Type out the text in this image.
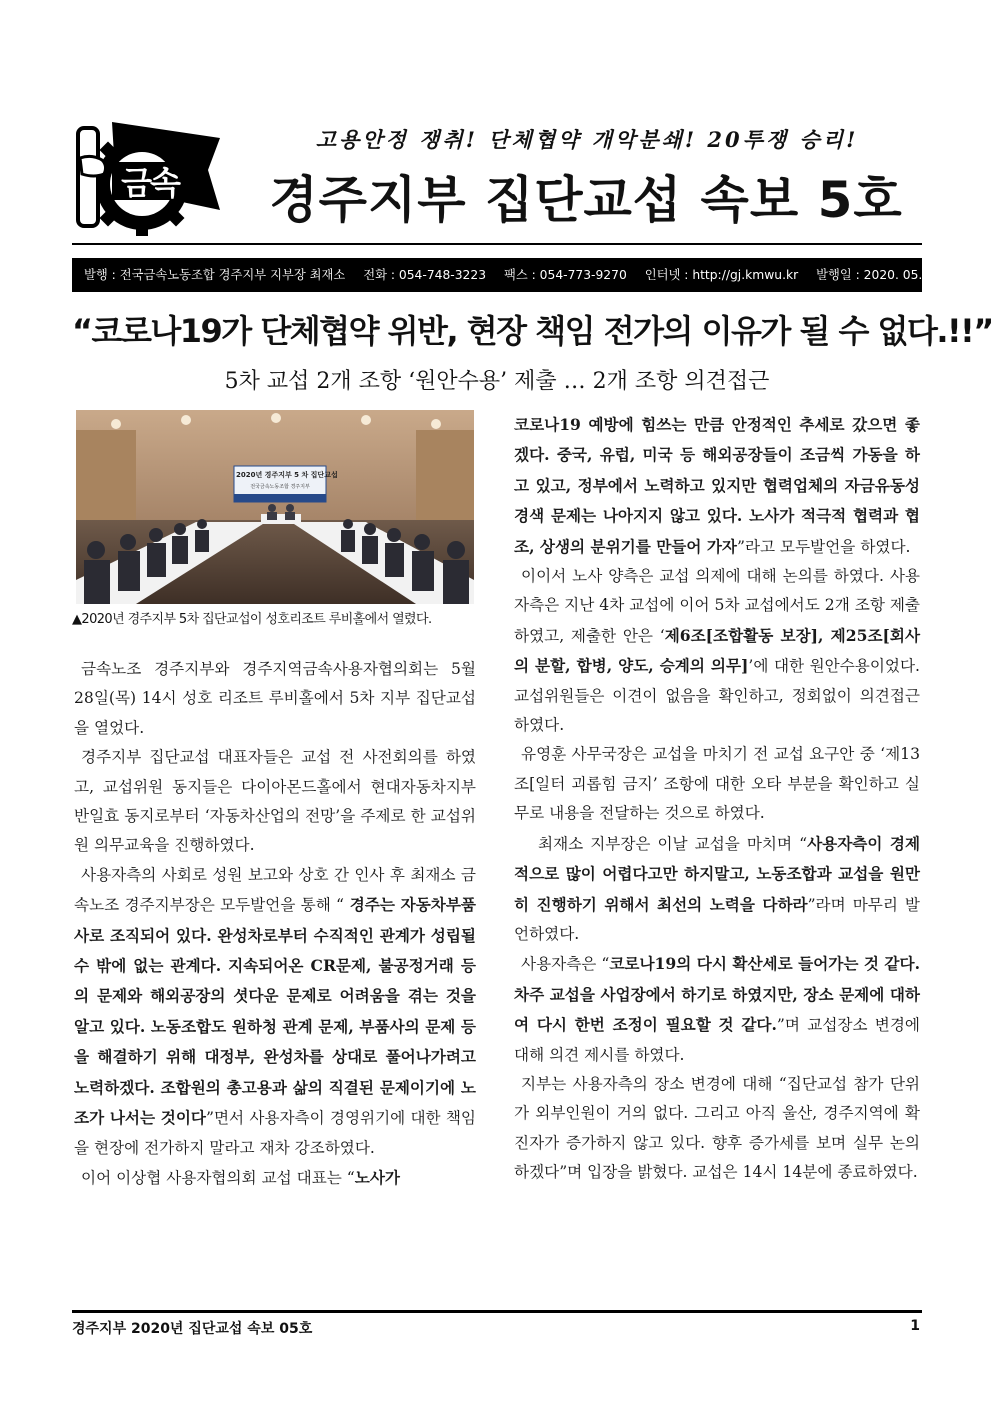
금속
고용안정 쟁취! 단체협약 개악분쇄! 20투쟁 승리!
경주지부 집단교섭 속보 5호
발행 : 전국금속노동조합 경주지부 지부장 최재소 전화 : 054-748-3223 팩스 : 054-773-9270 인터넷 : http://gj.kmwu.kr 발행일 : 2020. 05. 28 (목)
“코로나19가 단체협약 위반, 현장 책임 전가의 이유가 될 수 없다.!!”
5차 교섭 2개 조항 ‘원안수용’ 제출 … 2개 조항 의견접근
2020년 경주지부 5 차 집단교섭
전국금속노동조합 경주지부
▲2020년 경주지부 5차 집단교섭이 성호리조트 루비홀에서 열렸다.

금속노조 경주지부와 경주지역금속사용자협의회는 5월 28일(목) 14시 성호 리조트 루비홀에서 5차 지부 집단교섭을 열었다.

경주지부 집단교섭 대표자들은 교섭 전 사전회의를 하였고, 교섭위원 동지들은 다이아몬드홀에서 현대자동차지부 반일효 동지로부터 ‘자동차산업의 전망’을 주제로 한 교섭위원 의무교육을 진행하였다.

사용자측의 사회로 성원 보고와 상호 간 인사 후 최재소 금속노조 경주지부장은 모두발언을 통해 “ 경주는 자동차부품사로 조직되어 있다. 완성차로부터 수직적인 관계가 성립될 수 밖에 없는 관계다. 지속되어온 CR문제, 불공정거래 등의 문제와 해외공장의 셧다운 문제로 어려움을 겪는 것을 알고 있다. 노동조합도 원하청 관계 문제, 부품사의 문제 등을 해결하기 위해 대정부, 완성차를 상대로 풀어나가려고 노력하겠다. 조합원의 총고용과 삶의 직결된 문제이기에 노조가 나서는 것이다”면서 사용자측이 경영위기에 대한 책임을 현장에 전가하지 말라고 재차 강조하였다.

이어 이상협 사용자협의회 교섭 대표는 “노사가

코로나19 예방에 힘쓰는 만큼 안정적인 추세로 갔으면 좋겠다. 중국, 유럽, 미국 등 해외공장들이 조금씩 가동을 하고 있고, 정부에서 노력하고 있지만 협력업체의 자금유동성 경색 문제는 나아지지 않고 있다. 노사가 적극적 협력과 협조, 상생의 분위기를 만들어 가자”라고 모두발언을 하였다.

이이서 노사 양측은 교섭 의제에 대해 논의를 하였다. 사용자측은 지난 4차 교섭에 이어 5차 교섭에서도 2개 조항 제출하였고, 제출한 안은 ‘제6조[조합활동 보장], 제25조[회사의 분할, 합병, 양도, 승계의 의무]’에 대한 원안수용이었다. 교섭위원들은 이견이 없음을 확인하고, 정회없이 의견접근하였다.

유영훈 사무국장은 교섭을 마치기 전 교섭 요구안 중 ‘제13조[일터 괴롭힘 금지’ 조항에 대한 오타 부분을 확인하고 실무로 내용을 전달하는 것으로 하였다.

최재소 지부장은 이날 교섭을 마치며 “사용자측이 경제적으로 많이 어렵다고만 하지말고, 노동조합과 교섭을 원만히 진행하기 위해서 최선의 노력을 다하라”라며 마무리 발언하였다.

사용자측은 “코로나19의 다시 확산세로 들어가는 것 같다. 차주 교섭을 사업장에서 하기로 하였지만, 장소 문제에 대하여 다시 한번 조정이 필요할 것 같다.”며 교섭장소 변경에 대해 의견 제시를 하였다.

지부는 사용자측의 장소 변경에 대해 “집단교섭 참가 단위가 외부인원이 거의 없다. 그리고 아직 울산, 경주지역에 확진자가 증가하지 않고 있다. 향후 증가세를 보며 실무 논의하겠다”며 입장을 밝혔다. 교섭은 14시 14분에 종료하였다.

경주지부 2020년 집단교섭 속보 05호	1
